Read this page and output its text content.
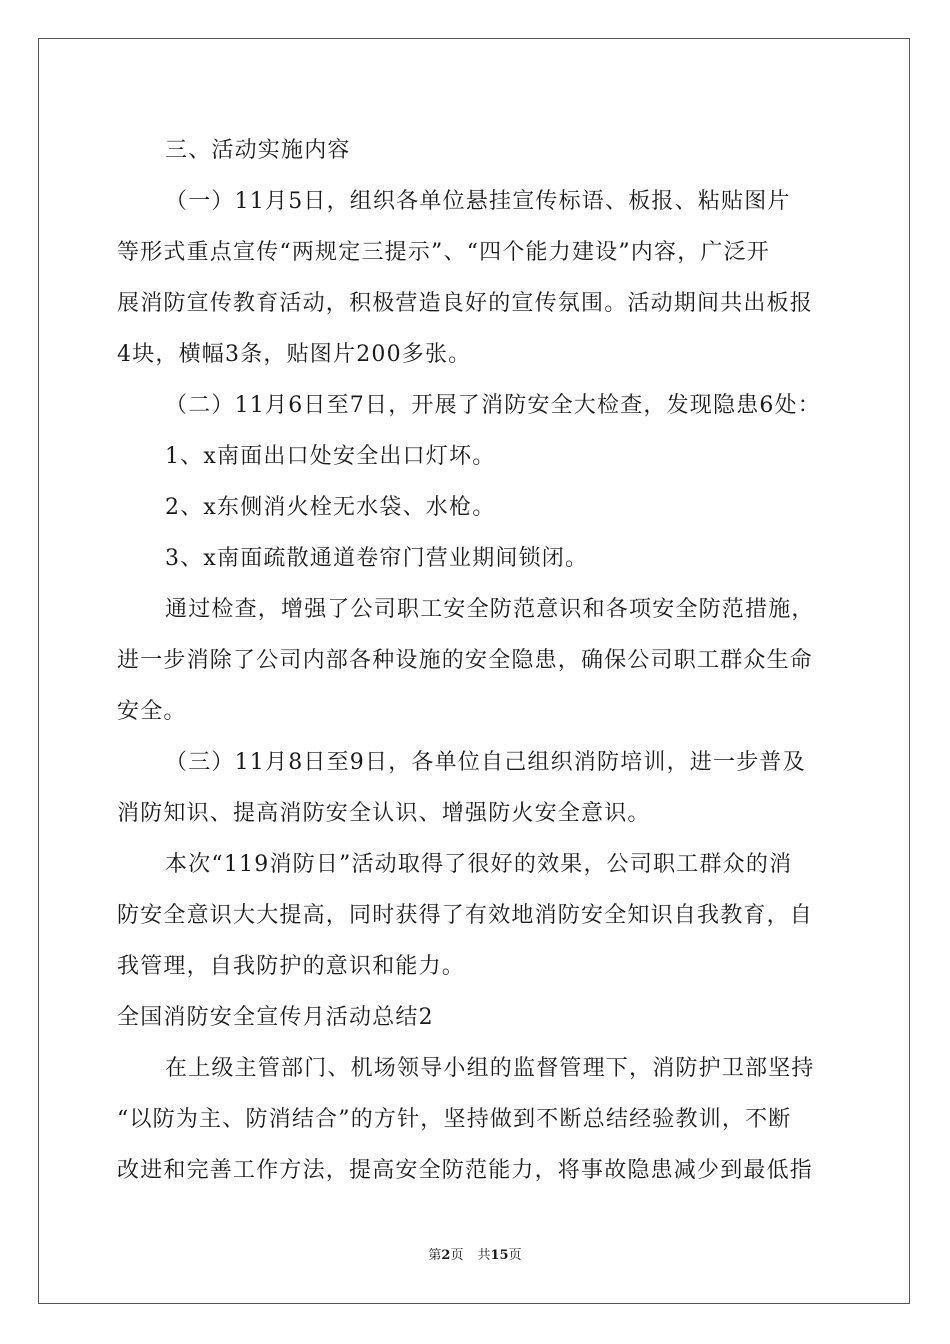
三、活动实施内容
（一）11月5日，组织各单位悬挂宣传标语、板报、粘贴图片
等形式重点宣传“两规定三提示”、“四个能力建设”内容，广泛开
展消防宣传教育活动，积极营造良好的宣传氛围。活动期间共出板报
4块，横幅3条，贴图片200多张。
（二）11月6日至7日，开展了消防安全大检查，发现隐患6处：
1、x南面出口处安全出口灯坏。
2、x东侧消火栓无水袋、水枪。
3、x南面疏散通道卷帘门营业期间锁闭。
通过检查，增强了公司职工安全防范意识和各项安全防范措施，
进一步消除了公司内部各种设施的安全隐患，确保公司职工群众生命
安全。
（三）11月8日至9日，各单位自己组织消防培训，进一步普及
消防知识、提高消防安全认识、增强防火安全意识。
本次“119消防日”活动取得了很好的效果，公司职工群众的消
防安全意识大大提高，同时获得了有效地消防安全知识自我教育，自
我管理，自我防护的意识和能力。
全国消防安全宣传月活动总结2
在上级主管部门、机场领导小组的监督管理下，消防护卫部坚持
“以防为主、防消结合”的方针，坚持做到不断总结经验教训，不断
改进和完善工作方法，提高安全防范能力，将事故隐患减少到最低指
第2页 共15页
